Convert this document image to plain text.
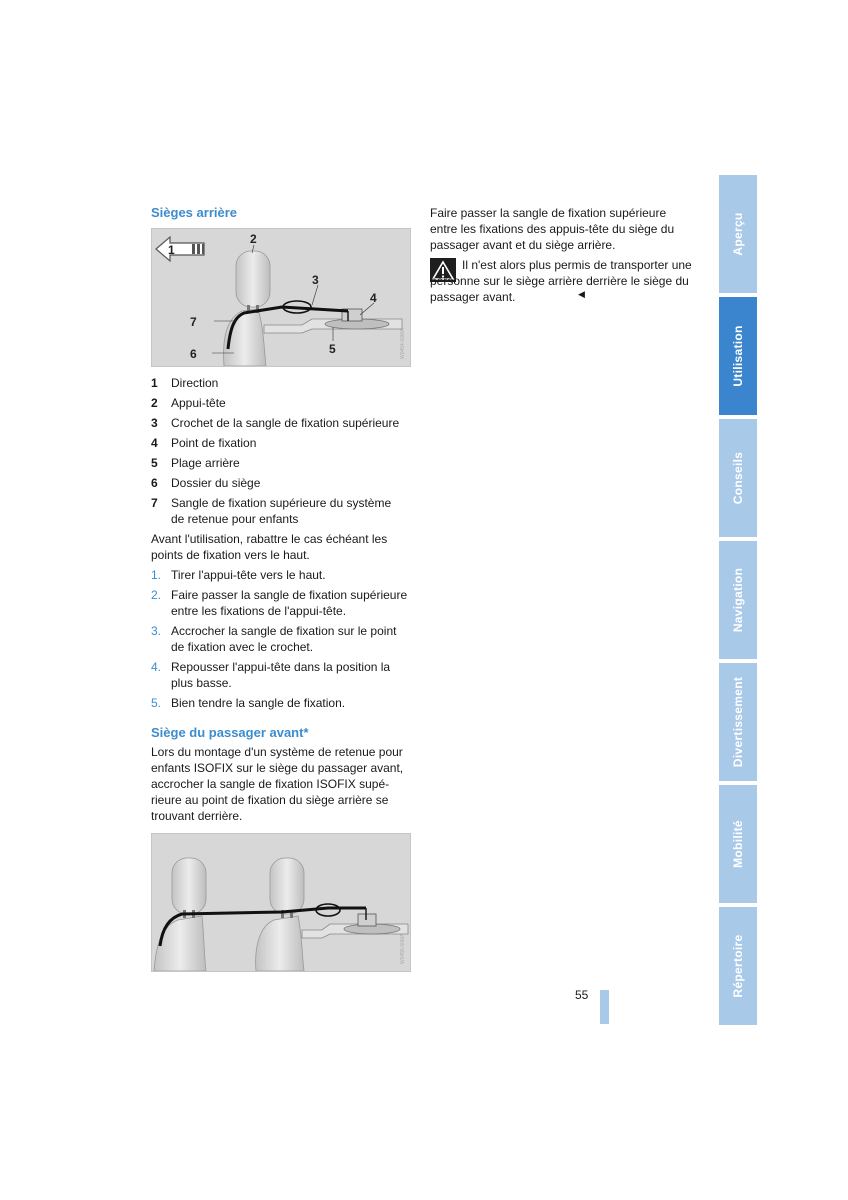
Sièges arrière
1
2
3
4
5
6
7
W0454-00MA
1	Direction
2	Appui-tête
3	Crochet de la sangle de fixation supérieure
4	Point de fixation
5	Plage arrière
6	Dossier du siège
7	Sangle de fixation supérieure du système de retenue pour enfants

Avant l'utilisation, rabattre le cas échéant les points de fixation vers le haut.

1. Tirer l'appui-tête vers le haut.
2. Faire passer la sangle de fixation supérieure entre les fixations de l'appui-tête.
3. Accrocher la sangle de fixation sur le point de fixation avec le crochet.
4. Repousser l'appui-tête dans la position la plus basse.
5. Bien tendre la sangle de fixation.
Siège du passager avant*

Lors du montage d'un système de retenue pour enfants ISOFIX sur le siège du passager avant, accrocher la sangle de fixation ISOFIX supérieure au point de fixation du siège arrière se trouvant derrière.

W0455-00MA

Faire passer la sangle de fixation supérieure entre les fixations des appuis-tête du siège du passager avant et du siège arrière.

Il n'est alors plus permis de transporter une personne sur le siège arrière derrière le siège du passager avant.	◀
Aperçu
Utilisation
Conseils
Navigation
Divertissement
Mobilité
Répertoire
55
